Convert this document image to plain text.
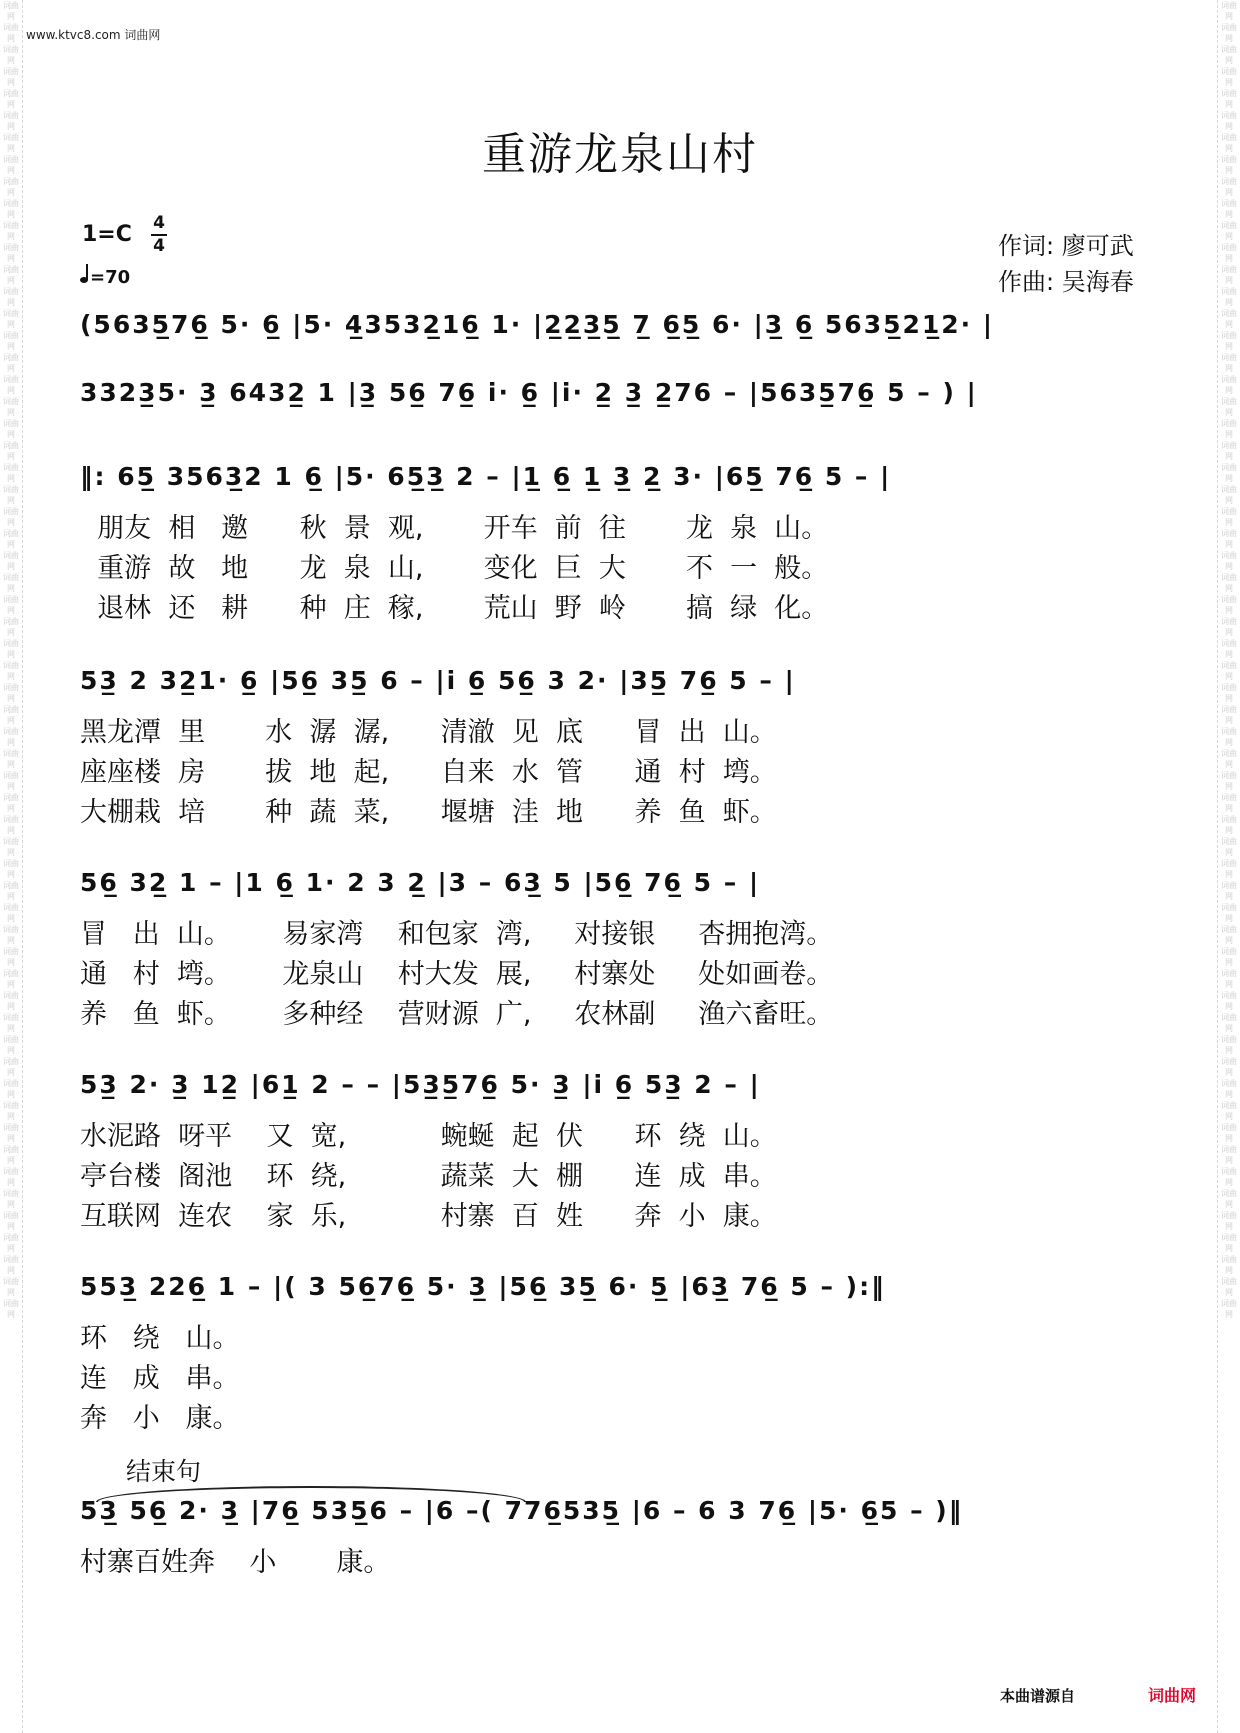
词曲网 词曲网 词曲网 词曲网 词曲网 词曲网 词曲网 词曲网 词曲网 词曲网 词曲网 词曲网 词曲网 词曲网 词曲网 词曲网 词曲网 词曲网 词曲网 词曲网 词曲网 词曲网 词曲网 词曲网 词曲网 词曲网 词曲网 词曲网 词曲网 词曲网 词曲网 词曲网 词曲网 词曲网 词曲网 词曲网 词曲网 词曲网 词曲网 词曲网 词曲网 词曲网 词曲网 词曲网 词曲网 词曲网 词曲网 词曲网 词曲网 词曲网 词曲网 词曲网 词曲网 词曲网 词曲网 词曲网 词曲网 词曲网 词曲网 词曲网
词曲网 词曲网 词曲网 词曲网 词曲网 词曲网 词曲网 词曲网 词曲网 词曲网 词曲网 词曲网 词曲网 词曲网 词曲网 词曲网 词曲网 词曲网 词曲网 词曲网 词曲网 词曲网 词曲网 词曲网 词曲网 词曲网 词曲网 词曲网 词曲网 词曲网 词曲网 词曲网 词曲网 词曲网 词曲网 词曲网 词曲网 词曲网 词曲网 词曲网 词曲网 词曲网 词曲网 词曲网 词曲网 词曲网 词曲网 词曲网 词曲网 词曲网 词曲网 词曲网 词曲网 词曲网 词曲网 词曲网 词曲网 词曲网 词曲网 词曲网
www.ktvc8.com 词曲网
重游龙泉山村
1=C 4
4
=70
作词: 廖可武
作曲: 吴海春
(5635̲76̲ 5· 6̲ |5· 4̲3532̲16̲ 1· |2̲2̲3̲5̲ 7̲ 6̲5̲ 6· |3̲ 6̲ 5635̲21̲2· |
3323̲5· 3̲ 6432̲ 1 |3̲ 56̲ 76̲ i· 6̲ |i· 2̲ 3̲ 2̲76 – |5635̲76̲ 5 – ) |
‖: 65̲ 3563̲2 1 6̲ |5· 65̲3̲ 2 – |1̲ 6̲ 1̲ 3̲ 2̲ 3· |65̲ 76̲ 5 – |
朋友  相   邀      秋  景  观,       开车  前  往       龙  泉  山。
重游  故   地      龙  泉  山,       变化  巨  大       不  一  般。
退林  还   耕      种  庄  稼,       荒山  野  岭       搞  绿  化。
53̲ 2 32̲1· 6̲ |56̲ 35̲ 6 – |i 6̲ 56̲ 3 2· |35̲ 76̲ 5 – |
黑龙潭  里       水  潺  潺,      清澈  见  底      冒  出  山。
座座楼  房       拔  地  起,      自来  水  管      通  村  塆。
大棚栽  培       种  蔬  菜,      堰塘  洼  地      养  鱼  虾。
56̲ 32̲ 1 – |1 6̲ 1· 2 3 2̲ |3 – 63̲ 5 |56̲ 76̲ 5 – |
冒   出  山。      易家湾    和包家  湾,     对接银     杏拥抱湾。
通   村  塆。      龙泉山    村大发  展,     村寨处     处如画卷。
养   鱼  虾。      多种经    营财源  广,     农林副     渔六畜旺。
53̲ 2· 3̲ 12̲ |61̲ 2 – – |53̲5̲76̲ 5· 3̲ |i 6̲ 53̲ 2 – |
水泥路  呀平    又  宽,           蜿蜒  起  伏      环  绕  山。
亭台楼  阁池    环  绕,           蔬菜  大  棚      连  成  串。
互联网  连农    家  乐,           村寨  百  姓      奔  小  康。
553̲ 226̲ 1 – |( 3 56̲76̲ 5· 3̲ |56̲ 35̲ 6· 5̲ |63̲ 76̲ 5 – ):‖
环   绕   山。
连   成   串。
奔   小   康。
结束句
53̲ 56̲ 2· 3̲ |76̲ 535̲6 – |6 –( 776̲535̲ |6 – 6 3 76̲ |5· 6̲5 – )‖
村寨百姓奔    小       康。
本曲谱源自	词曲网
